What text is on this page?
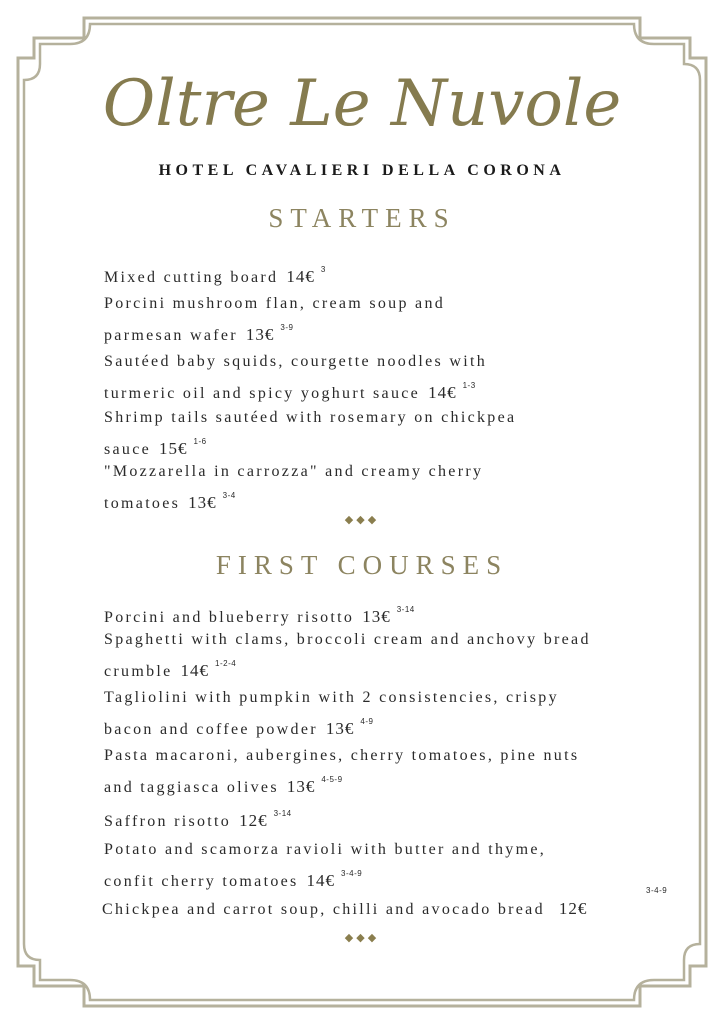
Oltre Le Nuvole
HOTEL CAVALIERI DELLA CORONA
STARTERS
Mixed cutting board 14€ $^3$
Porcini mushroom flan, cream soup and
parmesan wafer 13€ $^{3-9}$
Sautéed baby squids, courgette noodles with
turmeric oil and spicy yoghurt sauce 14€ $^{1-3}$
Shrimp tails sautéed with rosemary on chickpea
sauce 15€ $^{1-6}$
"Mozzarella in carrozza" and creamy cherry
tomatoes 13€ $^{3-4}$
◆◆◆
FIRST COURSES
Porcini and blueberry risotto 13€ $^{3-14}$
Spaghetti with clams, broccoli cream and anchovy bread
crumble 14€ $^{1-2-4}$
Tagliolini with pumpkin with 2 consistencies, crispy
bacon and coffee powder 13€ $^{4-9}$
Pasta macaroni, aubergines, cherry tomatoes, pine nuts
and taggiasca olives 13€ $^{4-5-9}$
Saffron risotto 12€ $^{3-14}$
Potato and scamorza ravioli with butter and thyme,
confit cherry tomatoes 14€ $^{3-4-9}$
Chickpea and carrot soup, chilli and avocado bread 12€
3-4-9
◆◆◆
